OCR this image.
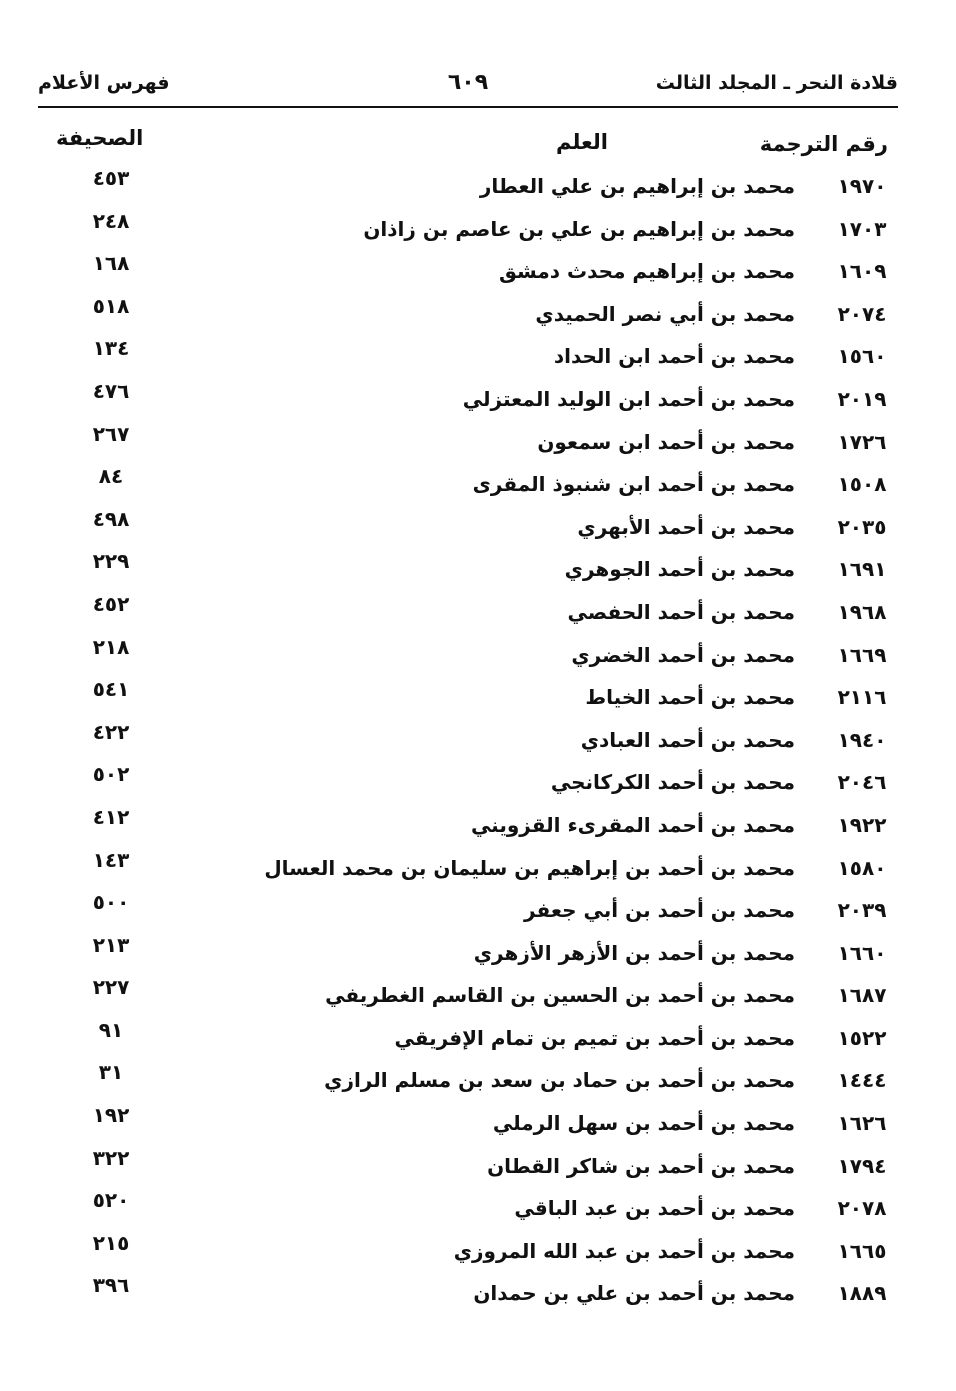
قلادة النحر ـ المجلد الثالث
٦٠٩
فهرس الأعلام
رقم الترجمة
العلم
الصحيفة
١٩٧٠
محمد بن إبراهيم بن علي العطار
٤٥٣
١٧٠٣
محمد بن إبراهيم بن علي بن عاصم بن زاذان
٢٤٨
١٦٠٩
محمد بن إبراهيم محدث دمشق
١٦٨
٢٠٧٤
محمد بن أبي نصر الحميدي
٥١٨
١٥٦٠
محمد بن أحمد ابن الحداد
١٣٤
٢٠١٩
محمد بن أحمد ابن الوليد المعتزلي
٤٧٦
١٧٢٦
محمد بن أحمد ابن سمعون
٢٦٧
١٥٠٨
محمد بن أحمد ابن شنبوذ المقرى
٨٤
٢٠٣٥
محمد بن أحمد الأبهري
٤٩٨
١٦٩١
محمد بن أحمد الجوهري
٢٢٩
١٩٦٨
محمد بن أحمد الحفصي
٤٥٢
١٦٦٩
محمد بن أحمد الخضري
٢١٨
٢١١٦
محمد بن أحمد الخياط
٥٤١
١٩٤٠
محمد بن أحمد العبادي
٤٢٢
٢٠٤٦
محمد بن أحمد الكركانجي
٥٠٢
١٩٢٢
محمد بن أحمد المقرىء القزويني
٤١٢
١٥٨٠
محمد بن أحمد بن إبراهيم بن سليمان بن محمد العسال
١٤٣
٢٠٣٩
محمد بن أحمد بن أبي جعفر
٥٠٠
١٦٦٠
محمد بن أحمد بن الأزهر الأزهري
٢١٣
١٦٨٧
محمد بن أحمد بن الحسين بن القاسم الغطريفي
٢٢٧
١٥٢٢
محمد بن أحمد بن تميم بن تمام الإفريقي
٩١
١٤٤٤
محمد بن أحمد بن حماد بن سعد بن مسلم الرازي
٣١
١٦٢٦
محمد بن أحمد بن سهل الرملي
١٩٢
١٧٩٤
محمد بن أحمد بن شاكر القطان
٣٢٢
٢٠٧٨
محمد بن أحمد بن عبد الباقي
٥٢٠
١٦٦٥
محمد بن أحمد بن عبد الله المروزي
٢١٥
١٨٨٩
محمد بن أحمد بن علي بن حمدان
٣٩٦
